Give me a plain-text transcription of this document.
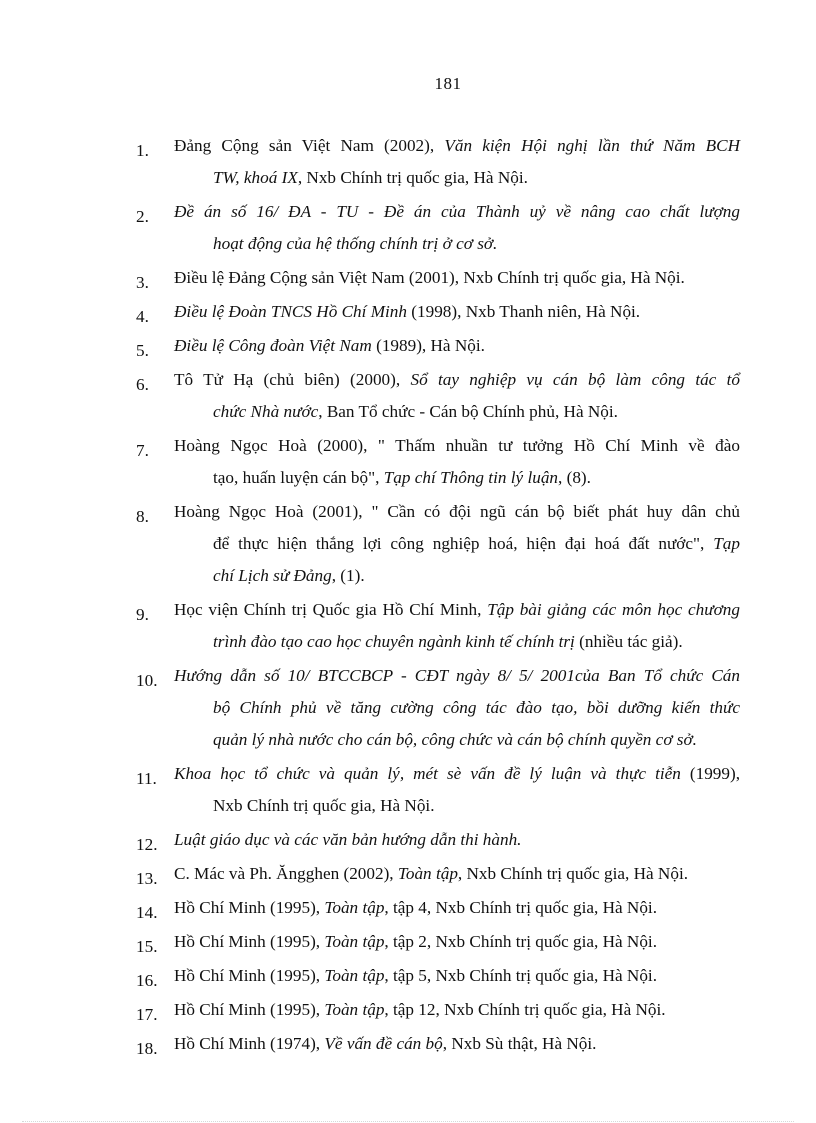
181
1.	Đảng Cộng sản Việt Nam (2002), Văn kiện Hội nghị lần thứ Năm BCH
TW, khoá IX, Nxb Chính trị quốc gia, Hà Nội.
2.	Đề án số 16/ ĐA - TU - Đề án của Thành uỷ về nâng cao chất lượng
hoạt động của hệ thống chính trị ở cơ sở.
3.	Điều lệ Đảng Cộng sản Việt Nam (2001), Nxb Chính trị quốc gia, Hà Nội.
4.	Điều lệ Đoàn TNCS Hồ Chí Minh (1998), Nxb Thanh niên, Hà Nội.
5.	Điều lệ Công đoàn Việt Nam (1989), Hà Nội.
6.	Tô Tử Hạ (chủ biên) (2000), Sổ tay nghiệp vụ cán bộ làm công tác tổ
chức Nhà nước, Ban Tổ chức - Cán bộ Chính phủ, Hà Nội.
7.	Hoàng Ngọc Hoà (2000), " Thấm nhuần tư tưởng Hồ Chí Minh về đào
tạo, huấn luyện cán bộ", Tạp chí Thông tin lý luận, (8).
8.	Hoàng Ngọc Hoà (2001), " Cần có đội ngũ cán bộ biết phát huy dân chủ
để thực hiện thắng lợi công nghiệp hoá, hiện đại hoá đất nước", Tạp
chí Lịch sử Đảng, (1).
9.	Học viện Chính trị Quốc gia Hồ Chí Minh, Tập bài giảng các môn học chương
trình đào tạo cao học chuyên ngành kinh tế chính trị (nhiều tác giả).
10. Hướng dẫn số 10/ BTCCBCP - CĐT ngày 8/ 5/ 2001của Ban Tổ chức Cán
bộ Chính phủ về tăng cường công tác đào tạo, bồi dưỡng kiến thức
quản lý nhà nước cho cán bộ, công chức và cán bộ chính quyền cơ sở.
11. Khoa học tổ chức và quản lý, mét sè vấn đề lý luận và thực tiễn (1999),
Nxb Chính trị quốc gia, Hà Nội.
12. Luật giáo dục và các văn bản hướng dẫn thi hành.
13. C. Mác và Ph. Ăngghen (2002), Toàn tập, Nxb Chính trị quốc gia, Hà Nội.
14. Hồ Chí Minh (1995), Toàn tập, tập 4, Nxb Chính trị quốc gia, Hà Nội.
15. Hồ Chí Minh (1995), Toàn tập, tập 2, Nxb Chính trị quốc gia, Hà Nội.
16. Hồ Chí Minh (1995), Toàn tập, tập 5, Nxb Chính trị quốc gia, Hà Nội.
17. Hồ Chí Minh (1995), Toàn tập, tập 12, Nxb Chính trị quốc gia, Hà Nội.
18. Hồ Chí Minh (1974), Về vấn đề cán bộ, Nxb Sù thật, Hà Nội.
